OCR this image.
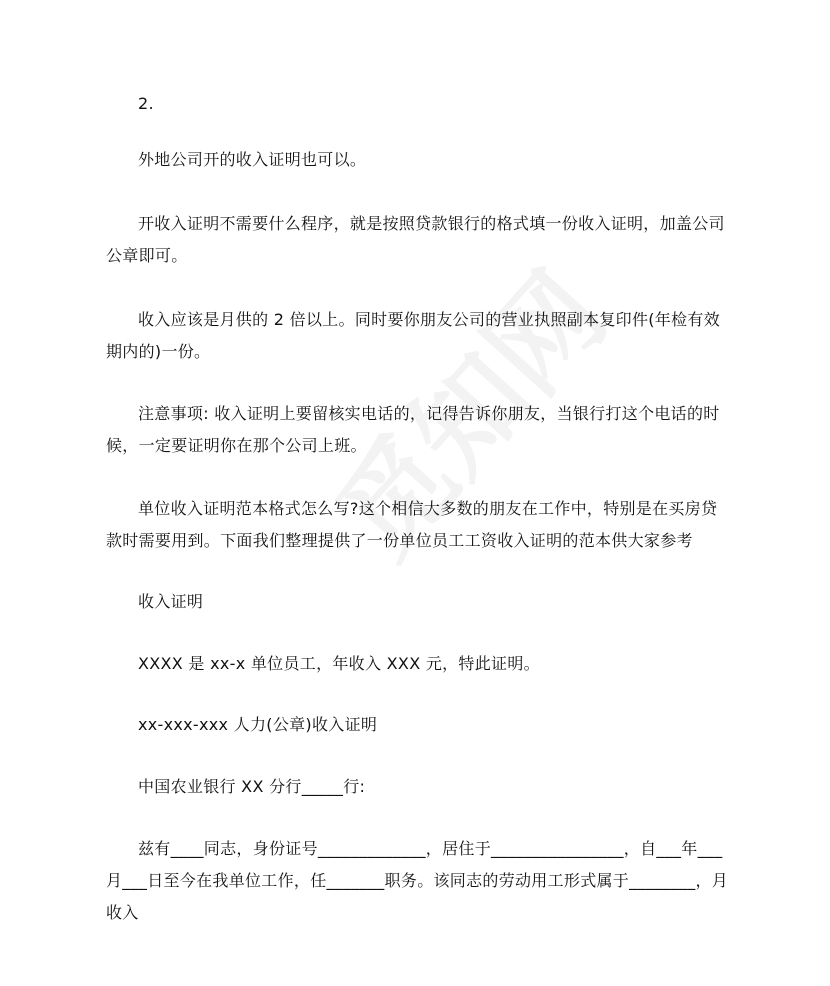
2.

外地公司开的收入证明也可以。

开收入证明不需要什么程序，就是按照贷款银行的格式填一份收入证明，加盖公司公章即可。

收入应该是月供的 2 倍以上。同时要你朋友公司的营业执照副本复印件(年检有效期内的)一份。

注意事项: 收入证明上要留核实电话的，记得告诉你朋友，当银行打这个电话的时候，一定要证明你在那个公司上班。

单位收入证明范本格式怎么写?这个相信大多数的朋友在工作中，特别是在买房贷款时需要用到。下面我们整理提供了一份单位员工工资收入证明的范本供大家参考

收入证明

XXXX 是 xx-x 单位员工，年收入 XXX 元，特此证明。

xx-xxx-xxx 人力(公章)收入证明

中国农业银行 XX 分行_____行:

兹有____同志，身份证号_____________，居住于________________，自___年___月___日至今在我单位工作，任_______职务。该同志的劳动用工形式属于________，月收入
